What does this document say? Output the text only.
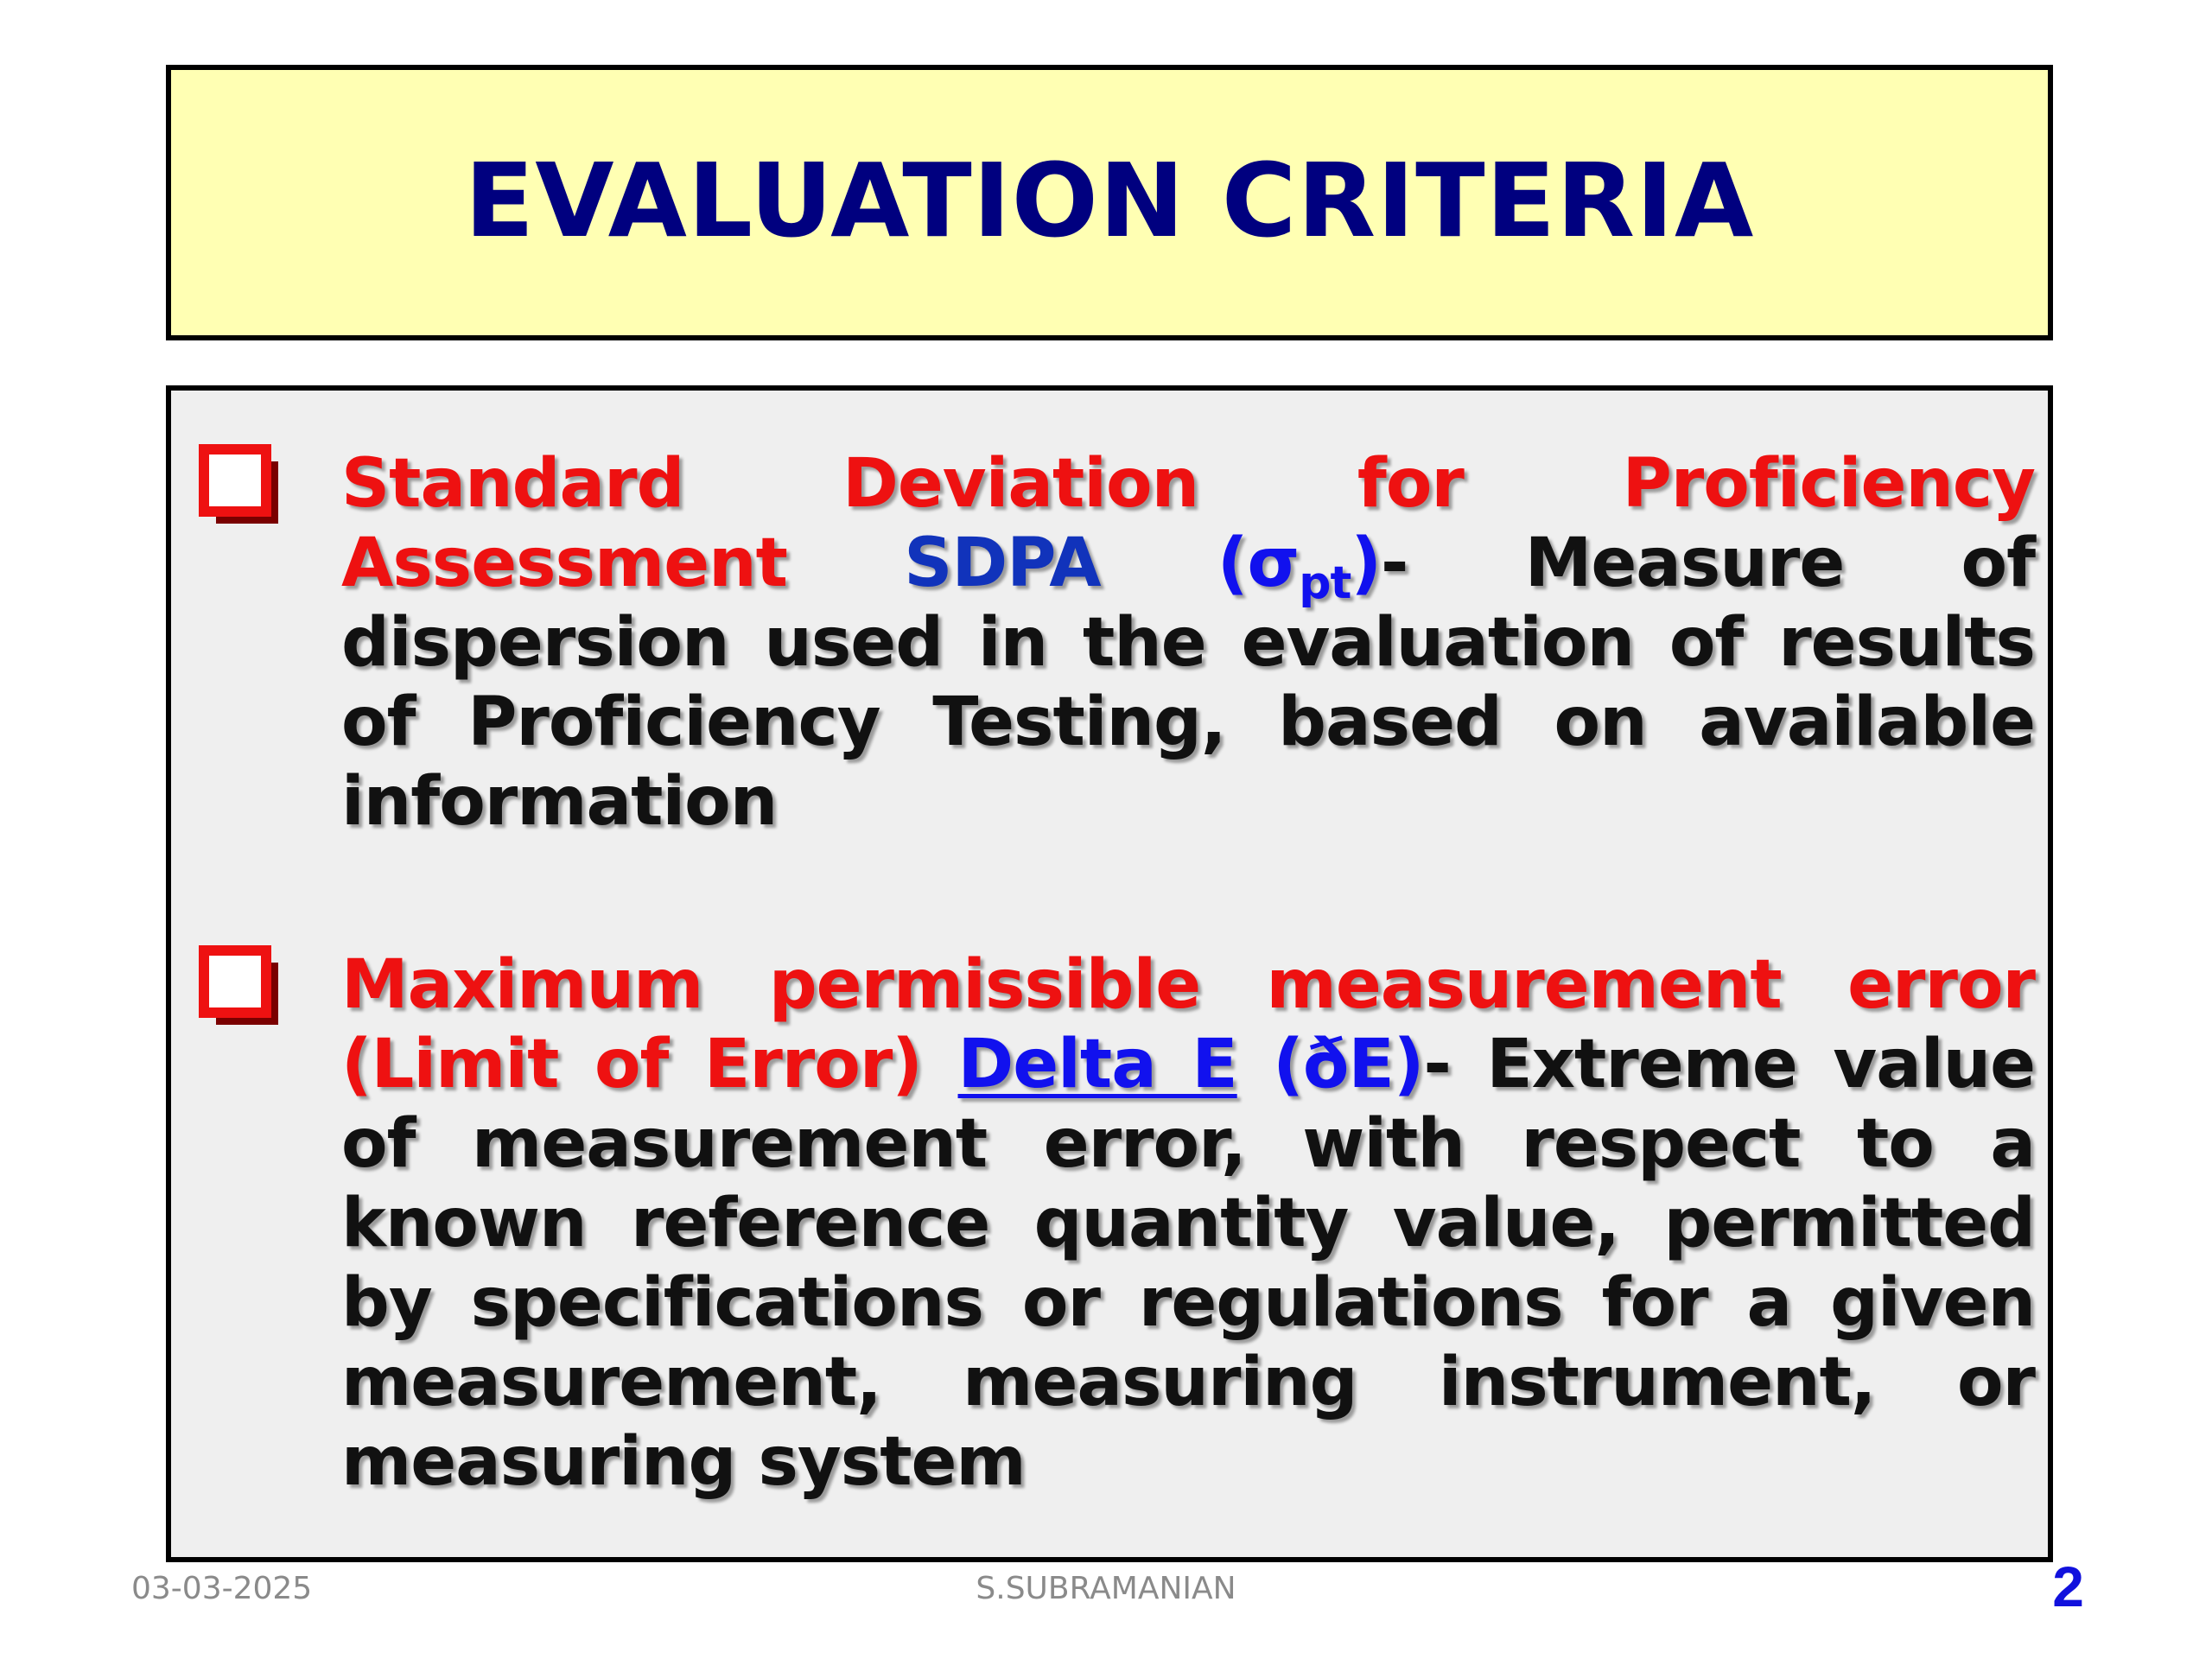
EVALUATION CRITERIA
Standard Deviation for Proficiency Assessment SDPA $(\sigma_{pt})-$ Measure of dispersion used in the evaluation of results of Proficiency Testing, based on available information
Maximum permissible measurement error (Limit of Error) Delta E (ðE)- Extreme value of measurement error, with respect to a known reference quantity value, permitted by specifications or regulations for a given measurement, measuring instrument, or measuring system
03-03-2025	S.SUBRAMANIAN	2
